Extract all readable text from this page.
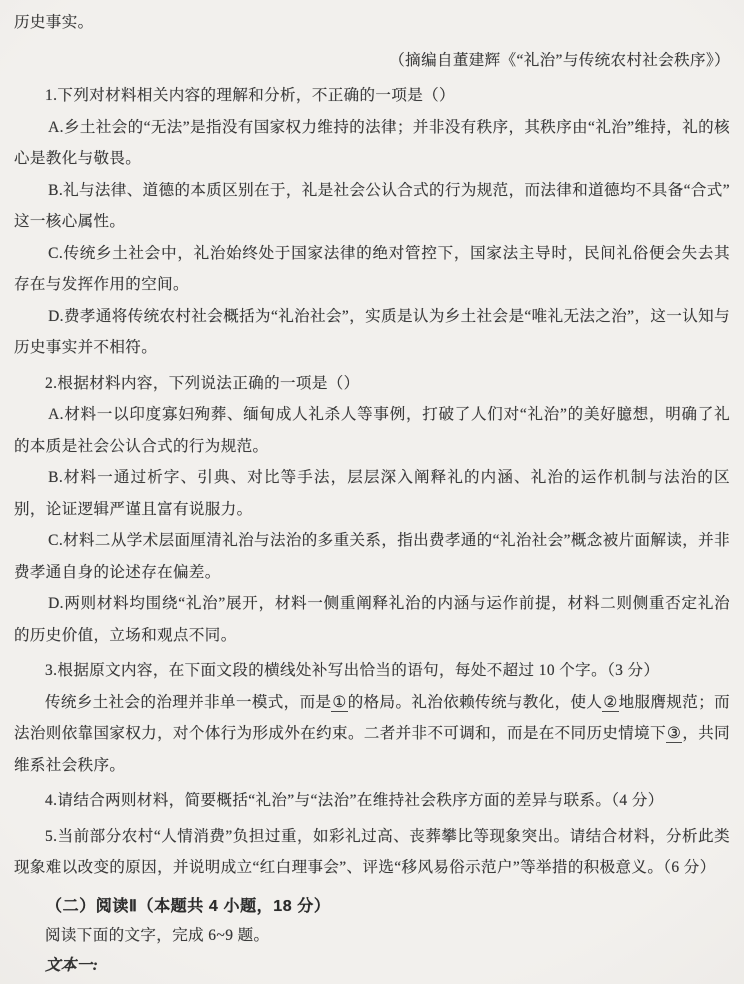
历史事实。

（摘编自董建辉《“礼治”与传统农村社会秩序》）

1.下列对材料相关内容的理解和分析，不正确的一项是（）

A.乡土社会的“无法”是指没有国家权力维持的法律；并非没有秩序，其秩序由“礼治”维持，礼的核心是教化与敬畏。

B.礼与法律、道德的本质区别在于，礼是社会公认合式的行为规范，而法律和道德均不具备“合式”这一核心属性。

C.传统乡土社会中，礼治始终处于国家法律的绝对管控下，国家法主导时，民间礼俗便会失去其存在与发挥作用的空间。

D.费孝通将传统农村社会概括为“礼治社会”，实质是认为乡土社会是“唯礼无法之治”，这一认知与历史事实并不相符。

2.根据材料内容，下列说法正确的一项是（）

A.材料一以印度寡妇殉葬、缅甸成人礼杀人等事例，打破了人们对“礼治”的美好臆想，明确了礼的本质是社会公认合式的行为规范。

B.材料一通过析字、引典、对比等手法，层层深入阐释礼的内涵、礼治的运作机制与法治的区别，论证逻辑严谨且富有说服力。

C.材料二从学术层面厘清礼治与法治的多重关系，指出费孝通的“礼治社会”概念被片面解读，并非费孝通自身的论述存在偏差。

D.两则材料均围绕“礼治”展开，材料一侧重阐释礼治的内涵与运作前提，材料二则侧重否定礼治的历史价值，立场和观点不同。

3.根据原文内容，在下面文段的横线处补写出恰当的语句，每处不超过 10 个字。（3 分）

传统乡土社会的治理并非单一模式，而是①的格局。礼治依赖传统与教化，使人②地服膺规范；而法治则依靠国家权力，对个体行为形成外在约束。二者并非不可调和，而是在不同历史情境下③，共同维系社会秩序。

4.请结合两则材料，简要概括“礼治”与“法治”在维持社会秩序方面的差异与联系。（4 分）

5.当前部分农村“人情消费”负担过重，如彩礼过高、丧葬攀比等现象突出。请结合材料，分析此类现象难以改变的原因，并说明成立“红白理事会”、评选“移风易俗示范户”等举措的积极意义。（6 分）

（二）阅读Ⅱ（本题共 4 小题，18 分）

阅读下面的文字，完成 6~9 题。

文本一:
